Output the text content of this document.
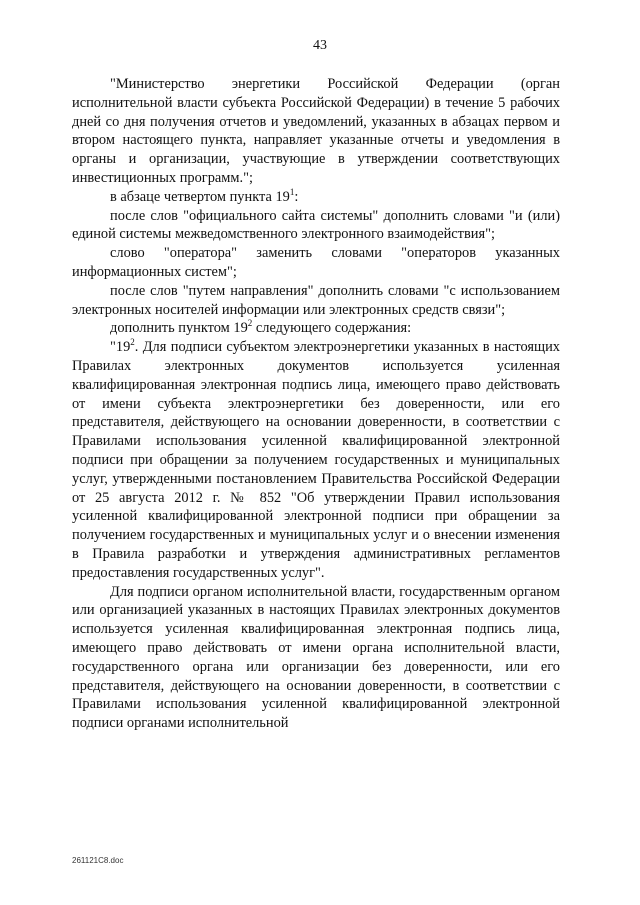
43

"Министерство энергетики Российской Федерации (орган исполнительной власти субъекта Российской Федерации) в течение 5 рабочих дней со дня получения отчетов и уведомлений, указанных в абзацах первом и втором настоящего пункта, направляет указанные отчеты и уведомления в органы и организации, участвующие в утверждении соответствующих инвестиционных программ.";

в абзаце четвертом пункта $19^1$:

после слов "официального сайта системы" дополнить словами "и (или) единой системы межведомственного электронного взаимодействия";

слово "оператора" заменить словами "операторов указанных информационных систем";

после слов "путем направления" дополнить словами "с использованием электронных носителей информации или электронных средств связи";

дополнить пунктом $19^2$ следующего содержания:

"$19^2$. Для подписи субъектом электроэнергетики указанных в настоящих Правилах электронных документов используется усиленная квалифицированная электронная подпись лица, имеющего право действовать от имени субъекта электроэнергетики без доверенности, или его представителя, действующего на основании доверенности, в соответствии с Правилами использования усиленной квалифицированной электронной подписи при обращении за получением государственных и муниципальных услуг, утвержденными постановлением Правительства Российской Федерации от 25 августа 2012 г. № 852 "Об утверждении Правил использования усиленной квалифицированной электронной подписи при обращении за получением государственных и муниципальных услуг и о внесении изменения в Правила разработки и утверждения административных регламентов предоставления государственных услуг".

Для подписи органом исполнительной власти, государственным органом или организацией указанных в настоящих Правилах электронных документов используется усиленная квалифицированная электронная подпись лица, имеющего право действовать от имени органа исполнительной власти, государственного органа или организации без доверенности, или его представителя, действующего на основании доверенности, в соответствии с Правилами использования усиленной квалифицированной электронной подписи органами исполнительной

261121C8.doc
